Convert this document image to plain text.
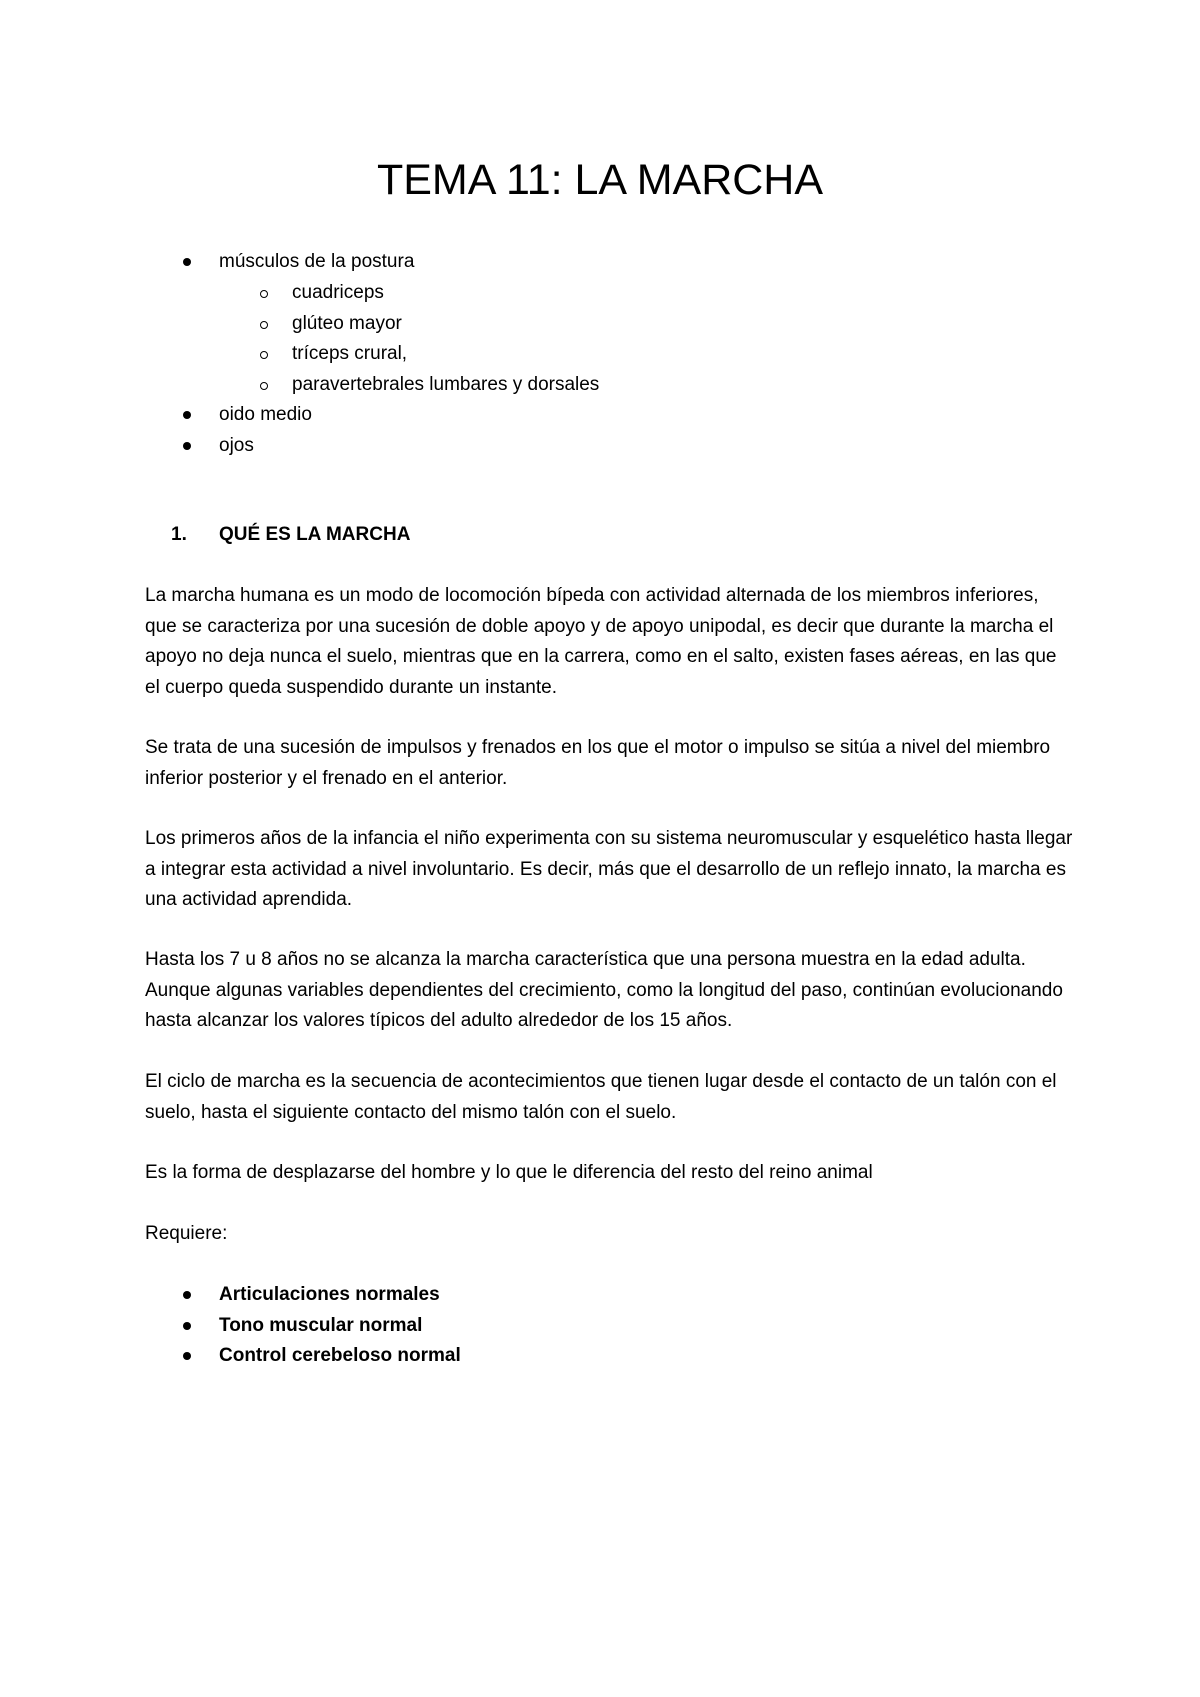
TEMA 11: LA MARCHA
músculos de la postura
cuadriceps
glúteo mayor
tríceps crural,
paravertebrales lumbares y dorsales
oido medio
ojos
1. QUÉ ES LA MARCHA

La marcha humana es un modo de locomoción bípeda con actividad alternada de los miembros inferiores, que se caracteriza por una sucesión de doble apoyo y de apoyo unipodal, es decir que durante la marcha el apoyo no deja nunca el suelo, mientras que en la carrera, como en el salto, existen fases aéreas, en las que el cuerpo queda suspendido durante un instante.

Se trata de una sucesión de impulsos y frenados en los que el motor o impulso se sitúa a nivel del miembro inferior posterior y el frenado en el anterior.

Los primeros años de la infancia el niño experimenta con su sistema neuromuscular y esquelético hasta llegar a integrar esta actividad a nivel involuntario. Es decir, más que el desarrollo de un reflejo innato, la marcha es una actividad aprendida.

Hasta los 7 u 8 años no se alcanza la marcha característica que una persona muestra en la edad adulta. Aunque algunas variables dependientes del crecimiento, como la longitud del paso, continúan evolucionando hasta alcanzar los valores típicos del adulto alrededor de los 15 años.

El ciclo de marcha es la secuencia de acontecimientos que tienen lugar desde el contacto de un talón con el suelo, hasta el siguiente contacto del mismo talón con el suelo.

Es la forma de desplazarse del hombre y lo que le diferencia del resto del reino animal

Requiere:

Articulaciones normales
Tono muscular normal
Control cerebeloso normal
